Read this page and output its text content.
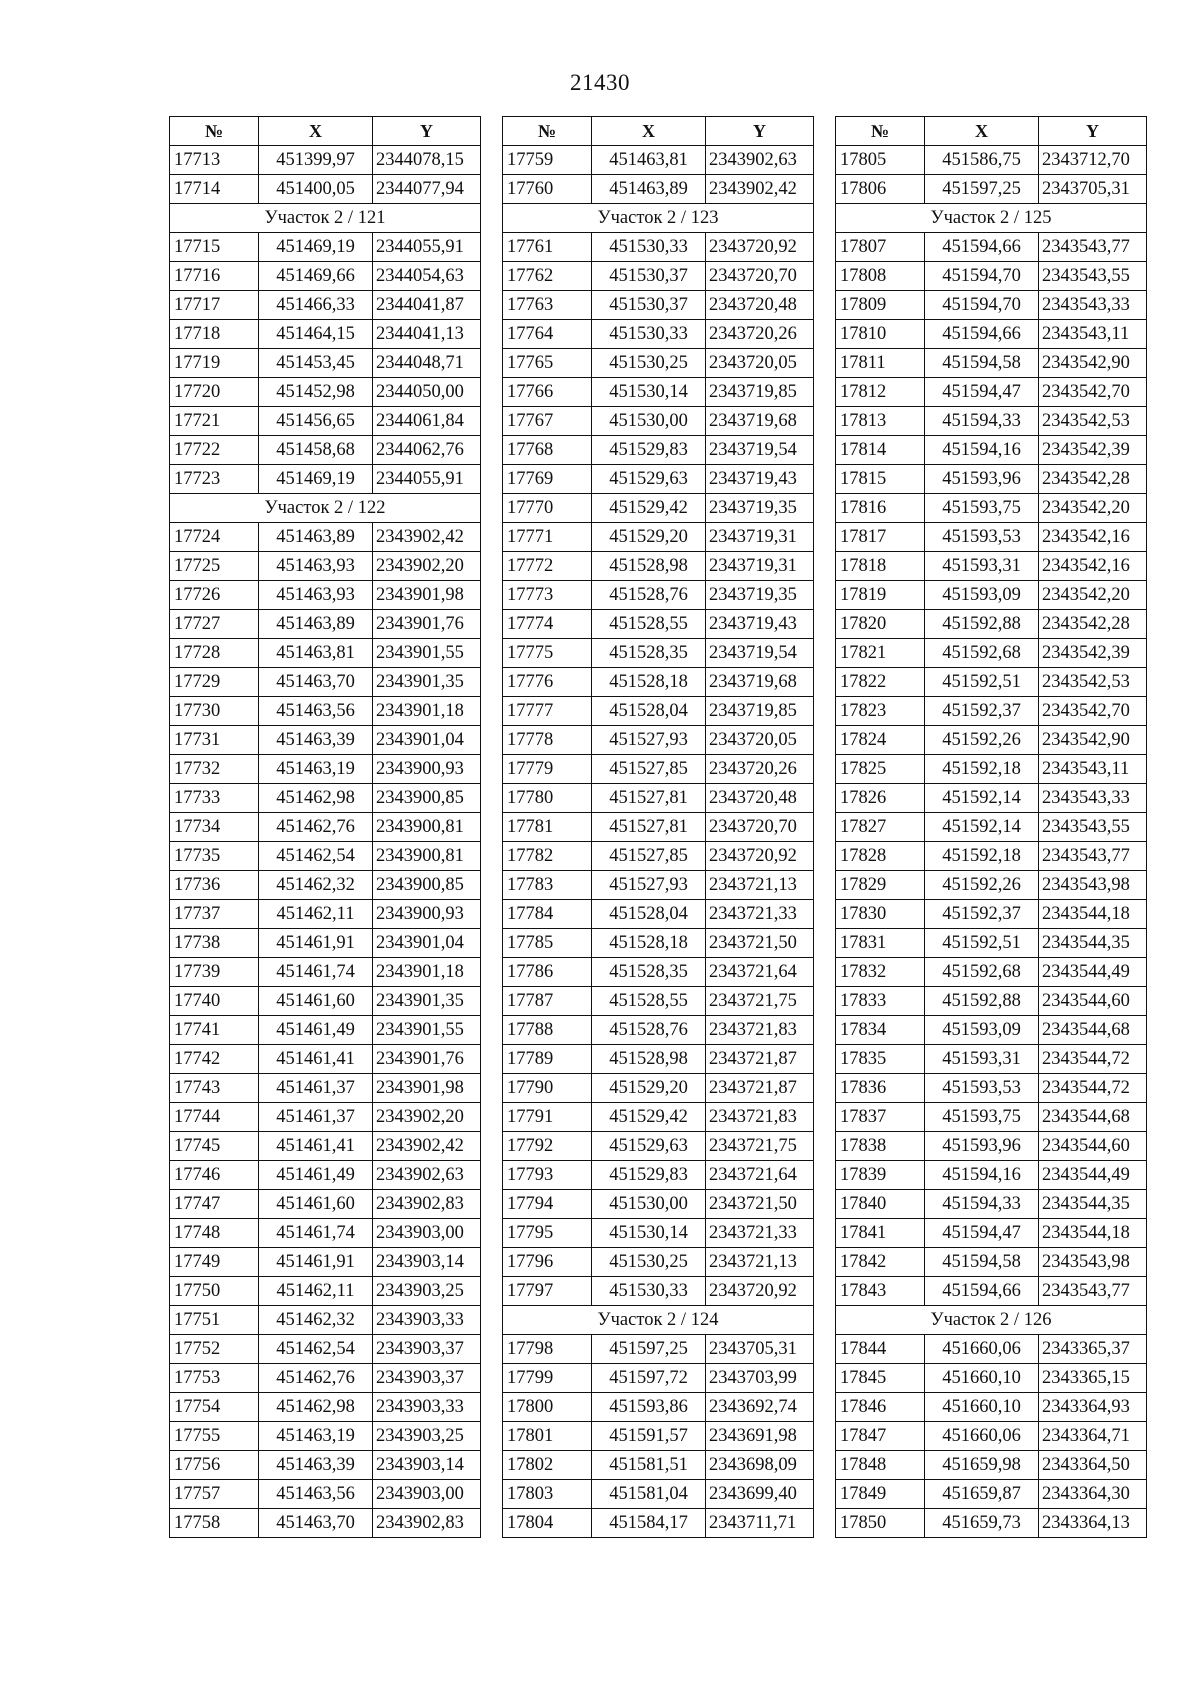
21430
№	X	Y
17713	451399,97	2344078,15
17714	451400,05	2344077,94
Участок 2 / 121		
17715	451469,19	2344055,91
17716	451469,66	2344054,63
17717	451466,33	2344041,87
17718	451464,15	2344041,13
17719	451453,45	2344048,71
17720	451452,98	2344050,00
17721	451456,65	2344061,84
17722	451458,68	2344062,76
17723	451469,19	2344055,91
Участок 2 / 122		
17724	451463,89	2343902,42
17725	451463,93	2343902,20
17726	451463,93	2343901,98
17727	451463,89	2343901,76
17728	451463,81	2343901,55
17729	451463,70	2343901,35
17730	451463,56	2343901,18
17731	451463,39	2343901,04
17732	451463,19	2343900,93
17733	451462,98	2343900,85
17734	451462,76	2343900,81
17735	451462,54	2343900,81
17736	451462,32	2343900,85
17737	451462,11	2343900,93
17738	451461,91	2343901,04
17739	451461,74	2343901,18
17740	451461,60	2343901,35
17741	451461,49	2343901,55
17742	451461,41	2343901,76
17743	451461,37	2343901,98
17744	451461,37	2343902,20
17745	451461,41	2343902,42
17746	451461,49	2343902,63
17747	451461,60	2343902,83
17748	451461,74	2343903,00
17749	451461,91	2343903,14
17750	451462,11	2343903,25
17751	451462,32	2343903,33
17752	451462,54	2343903,37
17753	451462,76	2343903,37
17754	451462,98	2343903,33
17755	451463,19	2343903,25
17756	451463,39	2343903,14
17757	451463,56	2343903,00
17758	451463,70	2343902,83
№	X	Y
17759	451463,81	2343902,63
17760	451463,89	2343902,42
Участок 2 / 123		
17761	451530,33	2343720,92
17762	451530,37	2343720,70
17763	451530,37	2343720,48
17764	451530,33	2343720,26
17765	451530,25	2343720,05
17766	451530,14	2343719,85
17767	451530,00	2343719,68
17768	451529,83	2343719,54
17769	451529,63	2343719,43
17770	451529,42	2343719,35
17771	451529,20	2343719,31
17772	451528,98	2343719,31
17773	451528,76	2343719,35
17774	451528,55	2343719,43
17775	451528,35	2343719,54
17776	451528,18	2343719,68
17777	451528,04	2343719,85
17778	451527,93	2343720,05
17779	451527,85	2343720,26
17780	451527,81	2343720,48
17781	451527,81	2343720,70
17782	451527,85	2343720,92
17783	451527,93	2343721,13
17784	451528,04	2343721,33
17785	451528,18	2343721,50
17786	451528,35	2343721,64
17787	451528,55	2343721,75
17788	451528,76	2343721,83
17789	451528,98	2343721,87
17790	451529,20	2343721,87
17791	451529,42	2343721,83
17792	451529,63	2343721,75
17793	451529,83	2343721,64
17794	451530,00	2343721,50
17795	451530,14	2343721,33
17796	451530,25	2343721,13
17797	451530,33	2343720,92
Участок 2 / 124		
17798	451597,25	2343705,31
17799	451597,72	2343703,99
17800	451593,86	2343692,74
17801	451591,57	2343691,98
17802	451581,51	2343698,09
17803	451581,04	2343699,40
17804	451584,17	2343711,71
№	X	Y
17805	451586,75	2343712,70
17806	451597,25	2343705,31
Участок 2 / 125		
17807	451594,66	2343543,77
17808	451594,70	2343543,55
17809	451594,70	2343543,33
17810	451594,66	2343543,11
17811	451594,58	2343542,90
17812	451594,47	2343542,70
17813	451594,33	2343542,53
17814	451594,16	2343542,39
17815	451593,96	2343542,28
17816	451593,75	2343542,20
17817	451593,53	2343542,16
17818	451593,31	2343542,16
17819	451593,09	2343542,20
17820	451592,88	2343542,28
17821	451592,68	2343542,39
17822	451592,51	2343542,53
17823	451592,37	2343542,70
17824	451592,26	2343542,90
17825	451592,18	2343543,11
17826	451592,14	2343543,33
17827	451592,14	2343543,55
17828	451592,18	2343543,77
17829	451592,26	2343543,98
17830	451592,37	2343544,18
17831	451592,51	2343544,35
17832	451592,68	2343544,49
17833	451592,88	2343544,60
17834	451593,09	2343544,68
17835	451593,31	2343544,72
17836	451593,53	2343544,72
17837	451593,75	2343544,68
17838	451593,96	2343544,60
17839	451594,16	2343544,49
17840	451594,33	2343544,35
17841	451594,47	2343544,18
17842	451594,58	2343543,98
17843	451594,66	2343543,77
Участок 2 / 126		
17844	451660,06	2343365,37
17845	451660,10	2343365,15
17846	451660,10	2343364,93
17847	451660,06	2343364,71
17848	451659,98	2343364,50
17849	451659,87	2343364,30
17850	451659,73	2343364,13
